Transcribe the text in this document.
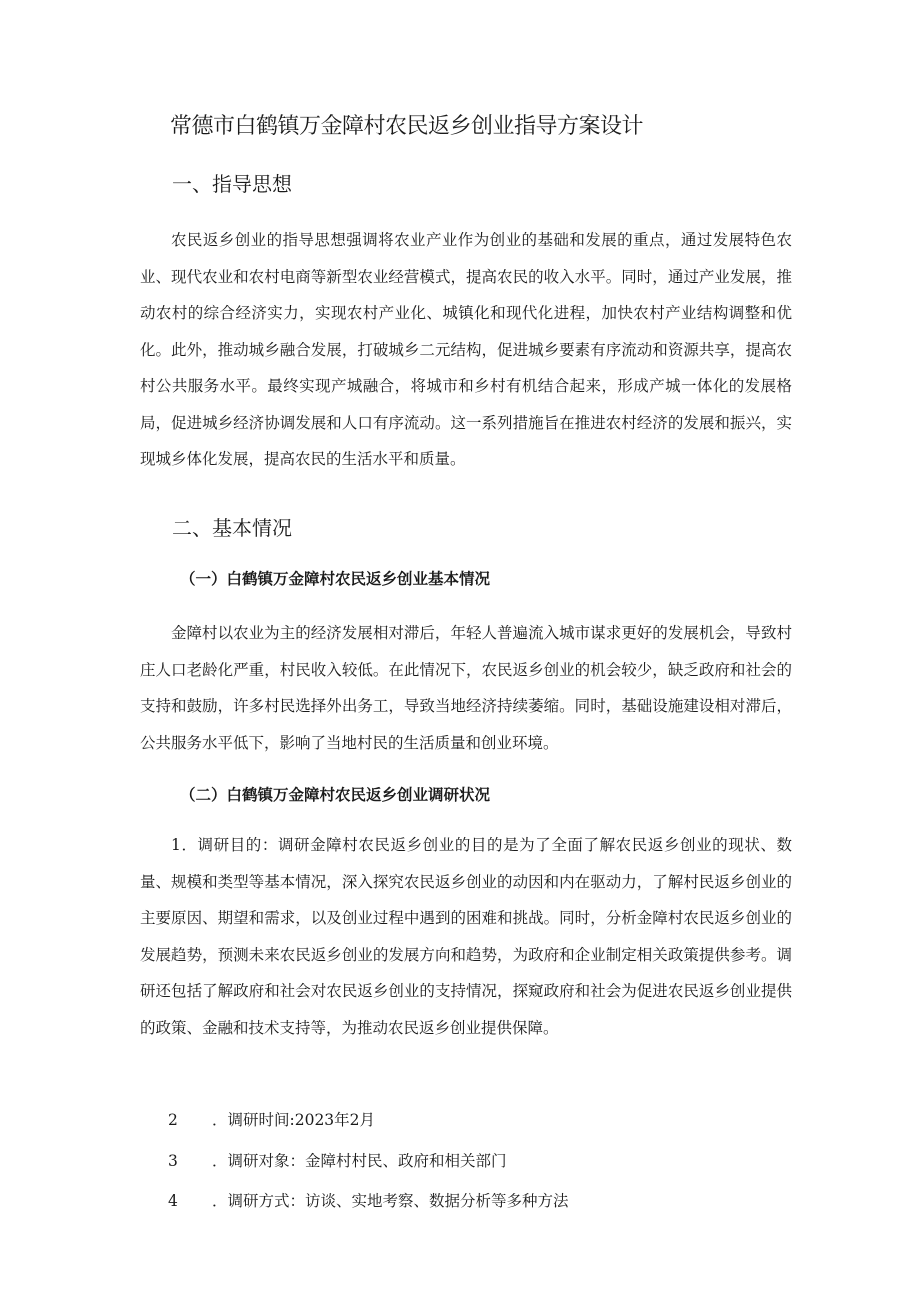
常德市白鹤镇万金障村农民返乡创业指导方案设计
一、指导思想

农民返乡创业的指导思想强调将农业产业作为创业的基础和发展的重点，通过发展特色农业、现代农业和农村电商等新型农业经营模式，提高农民的收入水平。同时，通过产业发展，推动农村的综合经济实力，实现农村产业化、城镇化和现代化进程，加快农村产业结构调整和优化。此外，推动城乡融合发展，打破城乡二元结构，促进城乡要素有序流动和资源共享，提高农村公共服务水平。最终实现产城融合，将城市和乡村有机结合起来，形成产城一体化的发展格局，促进城乡经济协调发展和人口有序流动。这一系列措施旨在推进农村经济的发展和振兴，实现城乡体化发展，提高农民的生活水平和质量。

二、基本情况
（一）白鹤镇万金障村农民返乡创业基本情况

金障村以农业为主的经济发展相对滞后，年轻人普遍流入城市谋求更好的发展机会，导致村庄人口老龄化严重，村民收入较低。在此情况下，农民返乡创业的机会较少，缺乏政府和社会的支持和鼓励，许多村民选择外出务工，导致当地经济持续萎缩。同时，基础设施建设相对滞后，公共服务水平低下，影响了当地村民的生活质量和创业环境。

（二）白鹤镇万金障村农民返乡创业调研状况

1．调研目的：调研金障村农民返乡创业的目的是为了全面了解农民返乡创业的现状、数量、规模和类型等基本情况，深入探究农民返乡创业的动因和内在驱动力，了解村民返乡创业的主要原因、期望和需求，以及创业过程中遇到的困难和挑战。同时，分析金障村农民返乡创业的发展趋势，预测未来农民返乡创业的发展方向和趋势，为政府和企业制定相关政策提供参考。调研还包括了解政府和社会对农民返乡创业的支持情况，探窥政府和社会为促进农民返乡创业提供的政策、金融和技术支持等，为推动农民返乡创业提供保障。

2 ．调研时间:2023年2月

3 ．调研对象：金障村村民、政府和相关部门

4 ．调研方式：访谈、实地考察、数据分析等多种方法
